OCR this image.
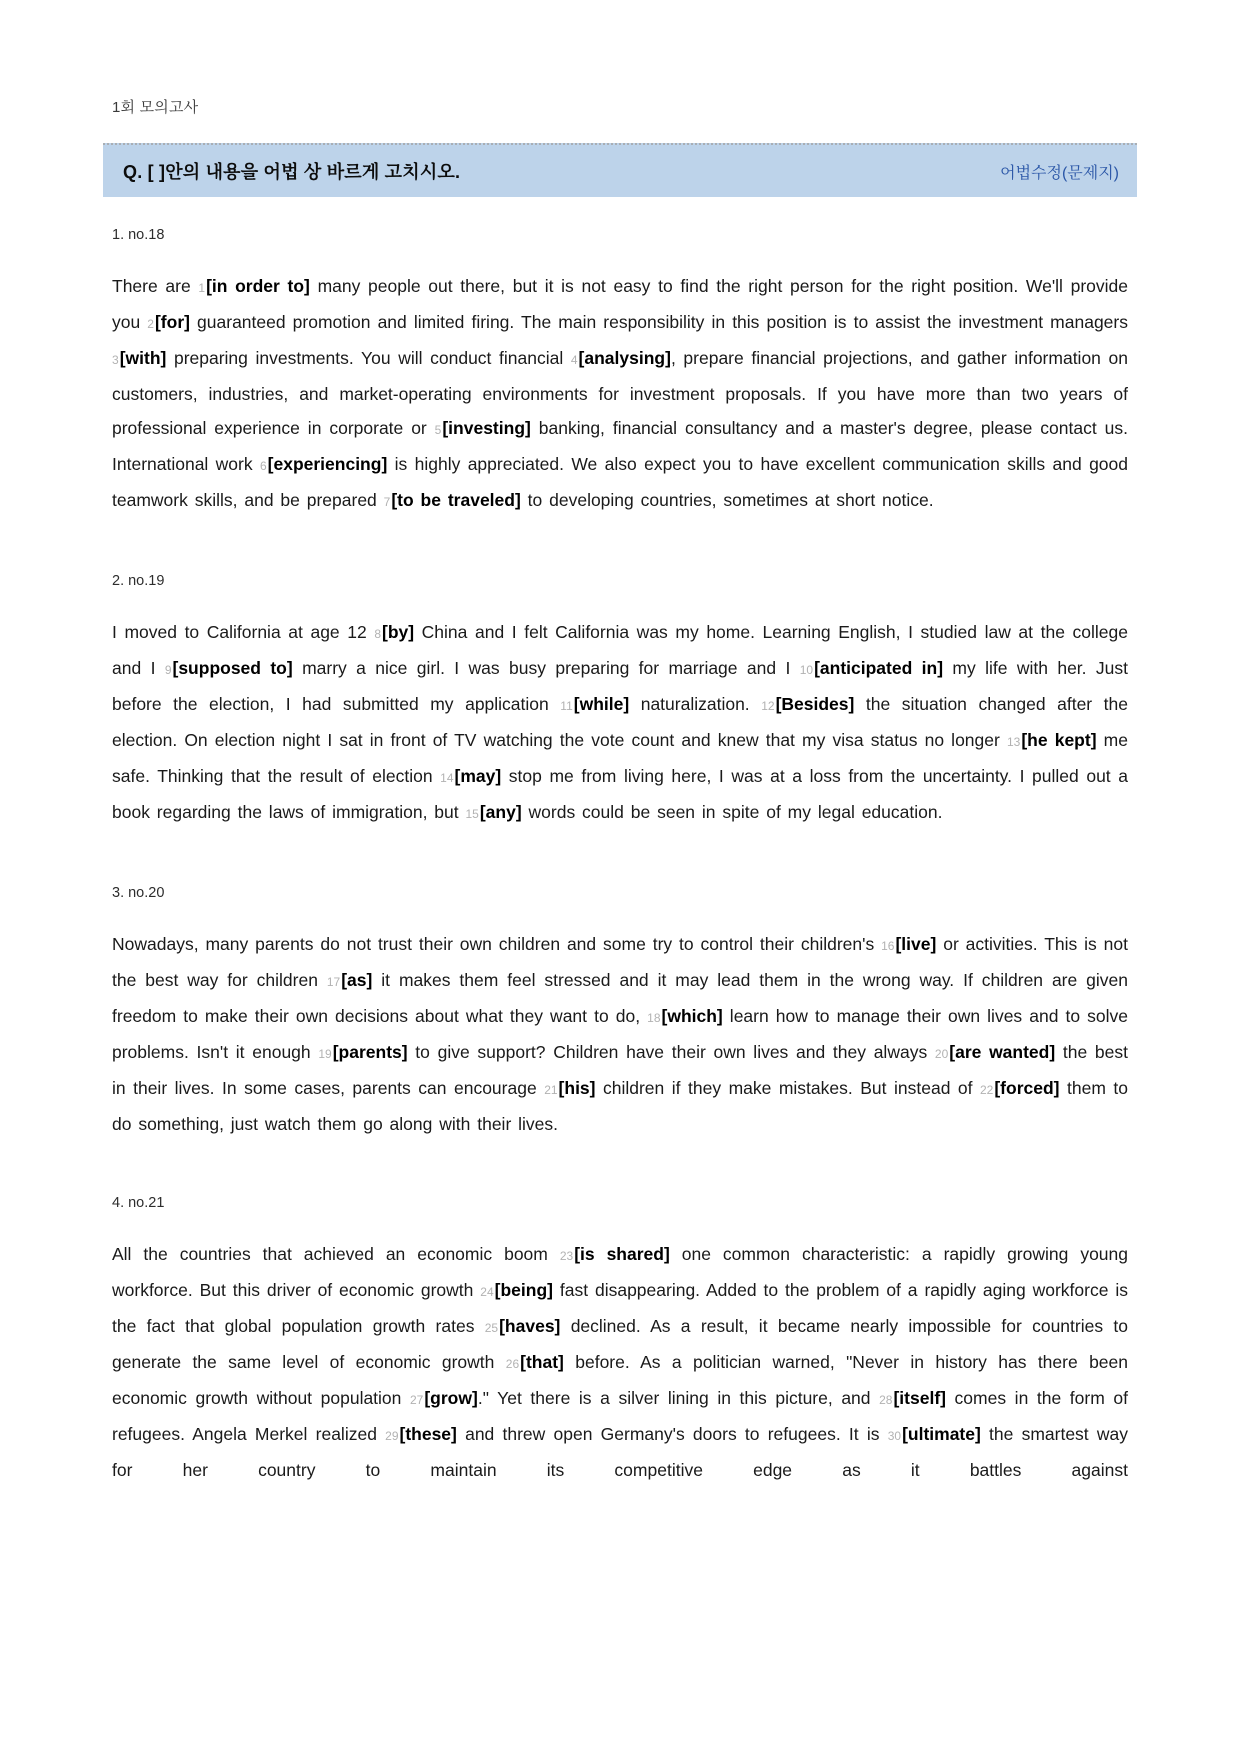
1회 모의고사
Q. [ ]안의 내용을 어법 상 바르게 고치시오.	어법수정(문제지)
1. no.18

There are 1[in order to] many people out there, but it is not easy to find the right person for the right position. We'll provide you 2[for] guaranteed promotion and limited firing. The main responsibility in this position is to assist the investment managers 3[with] preparing investments. You will conduct financial 4[analysing], prepare financial projections, and gather information on customers, industries, and market-operating environments for investment proposals. If you have more than two years of professional experience in corporate or 5[investing] banking, financial consultancy and a master's degree, please contact us. International work 6[experiencing] is highly appreciated. We also expect you to have excellent communication skills and good teamwork skills, and be prepared 7[to be traveled] to developing countries, sometimes at short notice.

2. no.19

I moved to California at age 12 8[by] China and I felt California was my home. Learning English, I studied law at the college and I 9[supposed to] marry a nice girl. I was busy preparing for marriage and I 10[anticipated in] my life with her. Just before the election, I had submitted my application 11[while] naturalization. 12[Besides] the situation changed after the election. On election night I sat in front of TV watching the vote count and knew that my visa status no longer 13[he kept] me safe. Thinking that the result of election 14[may] stop me from living here, I was at a loss from the uncertainty. I pulled out a book regarding the laws of immigration, but 15[any] words could be seen in spite of my legal education.

3. no.20

Nowadays, many parents do not trust their own children and some try to control their children's 16[live] or activities. This is not the best way for children 17[as] it makes them feel stressed and it may lead them in the wrong way. If children are given freedom to make their own decisions about what they want to do, 18[which] learn how to manage their own lives and to solve problems. Isn't it enough 19[parents] to give support? Children have their own lives and they always 20[are wanted] the best in their lives. In some cases, parents can encourage 21[his] children if they make mistakes. But instead of 22[forced] them to do something, just watch them go along with their lives.

4. no.21

All the countries that achieved an economic boom 23[is shared] one common characteristic: a rapidly growing young workforce. But this driver of economic growth 24[being] fast disappearing. Added to the problem of a rapidly aging workforce is the fact that global population growth rates 25[haves] declined. As a result, it became nearly impossible for countries to generate the same level of economic growth 26[that] before. As a politician warned, "Never in history has there been economic growth without population 27[grow]." Yet there is a silver lining in this picture, and 28[itself] comes in the form of refugees. Angela Merkel realized 29[these] and threw open Germany's doors to refugees. It is 30[ultimate] the smartest way for her country to maintain its competitive edge as it battles against
